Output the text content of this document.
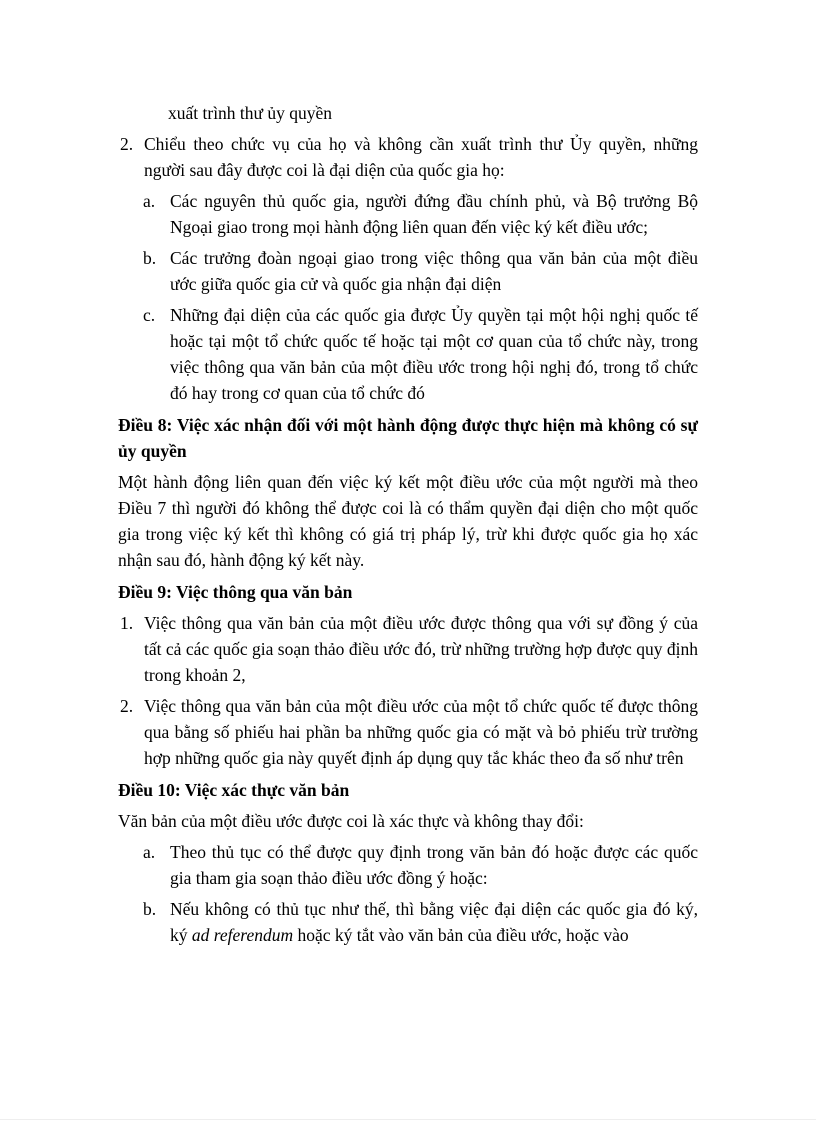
xuất trình thư ủy quyền

2. Chiểu theo chức vụ của họ và không cần xuất trình thư Ủy quyền, những người sau đây được coi là đại diện của quốc gia họ:
a. Các nguyên thủ quốc gia, người đứng đầu chính phủ, và Bộ trưởng Bộ Ngoại giao trong mọi hành động liên quan đến việc ký kết điều ước;
b. Các trưởng đoàn ngoại giao trong việc thông qua văn bản của một điều ước giữa quốc gia cử và quốc gia nhận đại diện
c. Những đại diện của các quốc gia được Ủy quyền tại một hội nghị quốc tế hoặc tại một tổ chức quốc tế hoặc tại một cơ quan của tổ chức này, trong việc thông qua văn bản của một điều ước trong hội nghị đó, trong tổ chức đó hay trong cơ quan của tổ chức đó

Điều 8: Việc xác nhận đối với một hành động được thực hiện mà không có sự ủy quyền

Một hành động liên quan đến việc ký kết một điều ước của một người mà theo Điều 7 thì người đó không thể được coi là có thẩm quyền đại diện cho một quốc gia trong việc ký kết thì không có giá trị pháp lý, trừ khi được quốc gia họ xác nhận sau đó, hành động ký kết này.

Điều 9: Việc thông qua văn bản

1. Việc thông qua văn bản của một điều ước được thông qua với sự đồng ý của tất cả các quốc gia soạn thảo điều ước đó, trừ những trường hợp được quy định trong khoản 2,
2. Việc thông qua văn bản của một điều ước của một tổ chức quốc tế được thông qua bằng số phiếu hai phần ba những quốc gia có mặt và bỏ phiếu trừ trường hợp những quốc gia này quyết định áp dụng quy tắc khác theo đa số như trên

Điều 10: Việc xác thực văn bản

Văn bản của một điều ước được coi là xác thực và không thay đổi:

a. Theo thủ tục có thể được quy định trong văn bản đó hoặc được các quốc gia tham gia soạn thảo điều ước đồng ý hoặc:
b. Nếu không có thủ tục như thế, thì bằng việc đại diện các quốc gia đó ký, ký ad referendum hoặc ký tắt vào văn bản của điều ước, hoặc vào
